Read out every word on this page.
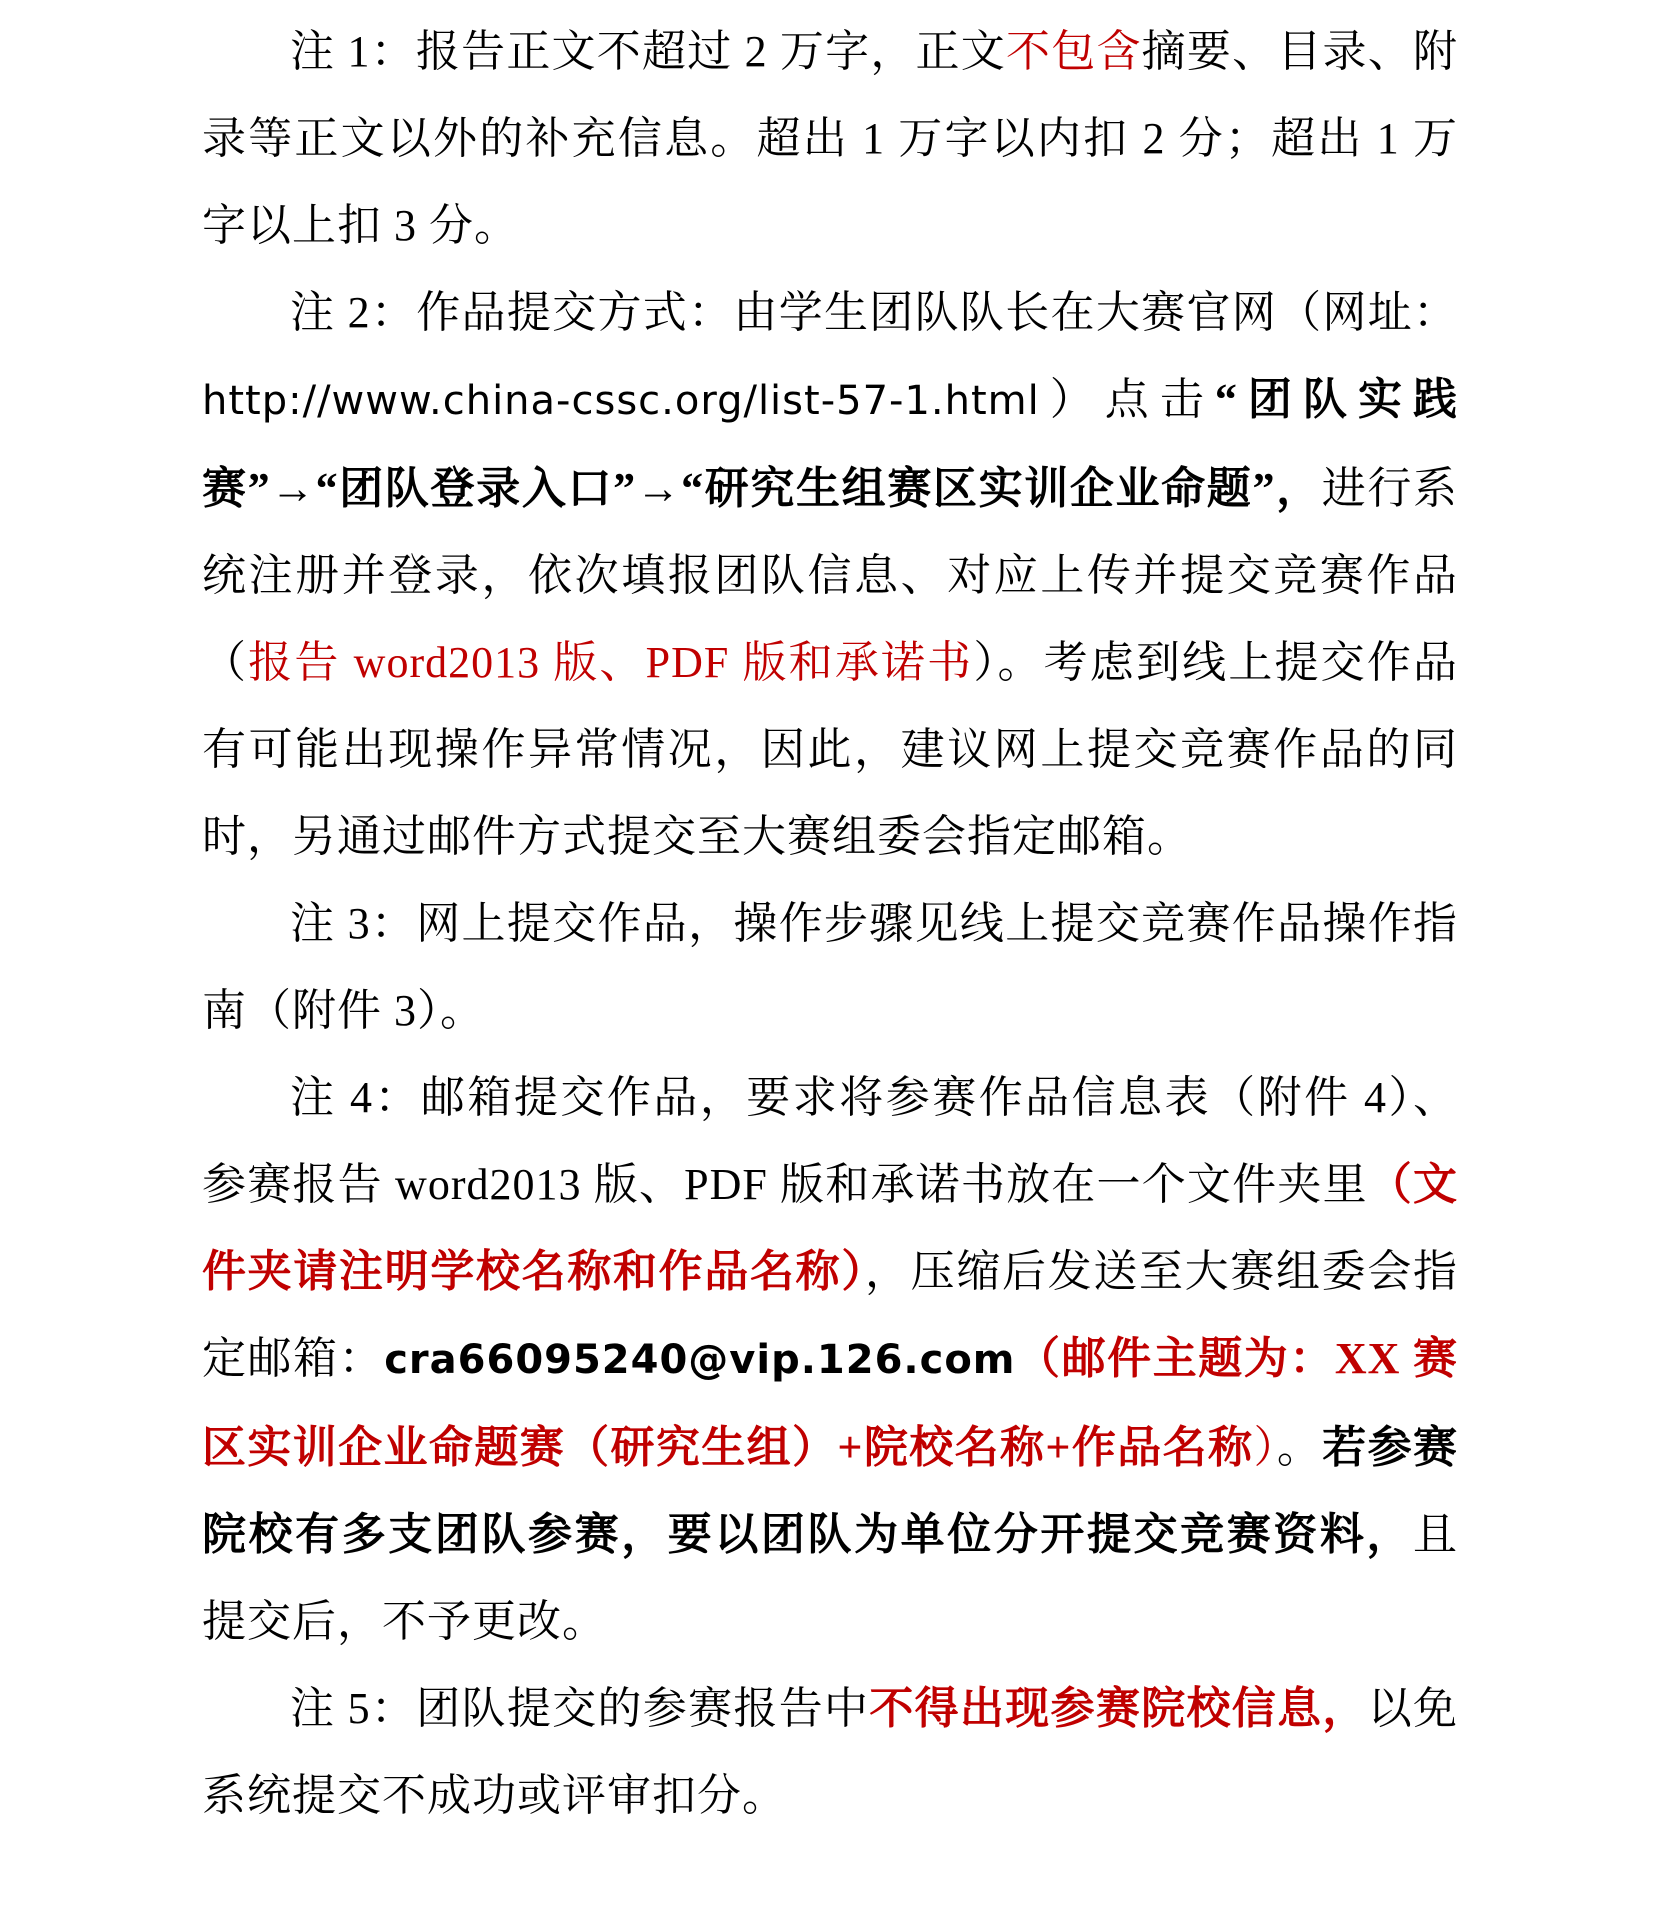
注 1：报告正文不超过 2 万字，正文不包含摘要、目录、附录等正文以外的补充信息。超出 1 万字以内扣 2 分；超出 1 万字以上扣 3 分。

注 2：作品提交方式：由学生团队队长在大赛官网（网址：http://www.china-cssc.org/list-57-1.html）点击“团队实践赛”→“团队登录入口”→“研究生组赛区实训企业命题”，进行系统注册并登录，依次填报团队信息、对应上传并提交竞赛作品（报告 word2013 版、PDF 版和承诺书）。考虑到线上提交作品有可能出现操作异常情况，因此，建议网上提交竞赛作品的同时，另通过邮件方式提交至大赛组委会指定邮箱。

注 3：网上提交作品，操作步骤见线上提交竞赛作品操作指南（附件 3）。

注 4：邮箱提交作品，要求将参赛作品信息表（附件 4）、参赛报告 word2013 版、PDF 版和承诺书放在一个文件夹里（文件夹请注明学校名称和作品名称），压缩后发送至大赛组委会指定邮箱：cra66095240@vip.126.com（邮件主题为：XX 赛区实训企业命题赛（研究生组）+院校名称+作品名称）。若参赛院校有多支团队参赛，要以团队为单位分开提交竞赛资料，且提交后，不予更改。

注 5：团队提交的参赛报告中不得出现参赛院校信息，以免系统提交不成功或评审扣分。
